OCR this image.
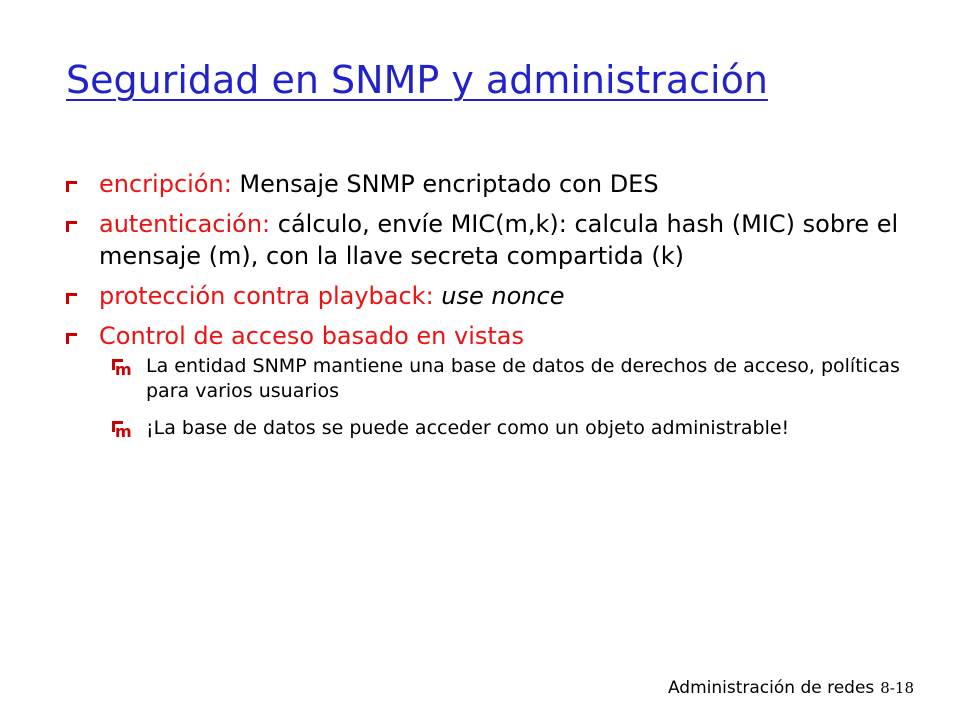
Seguridad en SNMP y administración
encripción: Mensaje SNMP encriptado con DES
autenticación: cálculo, envíe MIC(m,k): calcula hash (MIC) sobre el mensaje (m), con la llave secreta compartida (k)
protección contra playback: use nonce
Control de acceso basado en vistas
m La entidad SNMP mantiene una base de datos de derechos de acceso, políticas para varios usuarios
m ¡La base de datos se puede acceder como un objeto administrable!
Administración de redes 8-18
